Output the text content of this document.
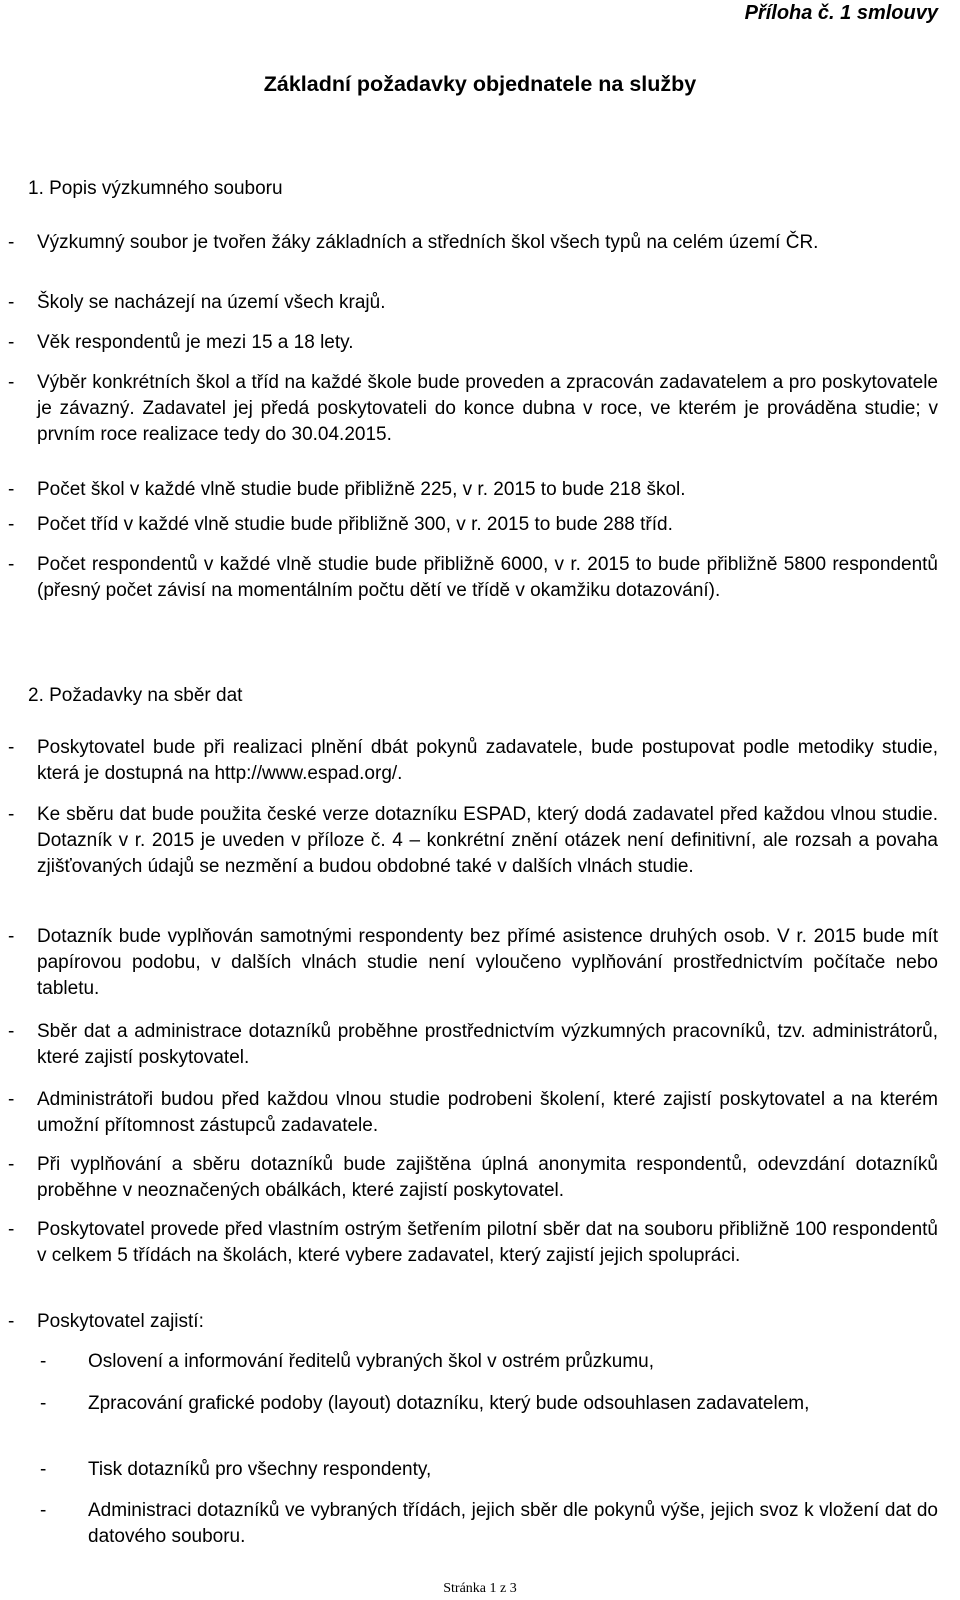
Příloha č. 1 smlouvy
Základní požadavky objednatele na služby
1. Popis výzkumného souboru
- Výzkumný soubor je tvořen žáky základních a středních škol všech typů na celém území ČR.
- Školy se nacházejí na území všech krajů.
- Věk respondentů je mezi 15 a 18 lety.
- Výběr konkrétních škol a tříd na každé škole bude proveden a zpracován zadavatelem a pro poskytovatele je závazný. Zadavatel jej předá poskytovateli do konce dubna v roce, ve kterém je prováděna studie; v prvním roce realizace tedy do 30.04.2015.
- Počet škol v každé vlně studie bude přibližně 225, v r. 2015 to bude 218 škol.
- Počet tříd v každé vlně studie bude přibližně 300, v r. 2015 to bude 288 tříd.
- Počet respondentů v každé vlně studie bude přibližně 6000, v r. 2015 to bude přibližně 5800 respondentů (přesný počet závisí na momentálním počtu dětí ve třídě v okamžiku dotazování).
2. Požadavky na sběr dat
- Poskytovatel bude při realizaci plnění dbát pokynů zadavatele, bude postupovat podle metodiky studie, která je dostupná na http://www.espad.org/.
- Ke sběru dat bude použita české verze dotazníku ESPAD, který dodá zadavatel před každou vlnou studie. Dotazník v r. 2015 je uveden v příloze č. 4 – konkrétní znění otázek není definitivní, ale rozsah a povaha zjišťovaných údajů se nezmění a budou obdobné také v dalších vlnách studie.
- Dotazník bude vyplňován samotnými respondenty bez přímé asistence druhých osob. V r. 2015 bude mít papírovou podobu, v dalších vlnách studie není vyloučeno vyplňování prostřednictvím počítače nebo tabletu.
- Sběr dat a administrace dotazníků proběhne prostřednictvím výzkumných pracovníků, tzv. administrátorů, které zajistí poskytovatel.
- Administrátoři budou před každou vlnou studie podrobeni školení, které zajistí poskytovatel a na kterém umožní přítomnost zástupců zadavatele.
- Při vyplňování a sběru dotazníků bude zajištěna úplná anonymita respondentů, odevzdání dotazníků proběhne v neoznačených obálkách, které zajistí poskytovatel.
- Poskytovatel provede před vlastním ostrým šetřením pilotní sběr dat na souboru přibližně 100 respondentů v celkem 5 třídách na školách, které vybere zadavatel, který zajistí jejich spolupráci.
- Poskytovatel zajistí:
- Oslovení a informování ředitelů vybraných škol v ostrém průzkumu,
- Zpracování grafické podoby (layout) dotazníku, který bude odsouhlasen zadavatelem,
- Tisk dotazníků pro všechny respondenty,
- Administraci dotazníků ve vybraných třídách, jejich sběr dle pokynů výše, jejich svoz k vložení dat do datového souboru.
Stránka 1 z 3
